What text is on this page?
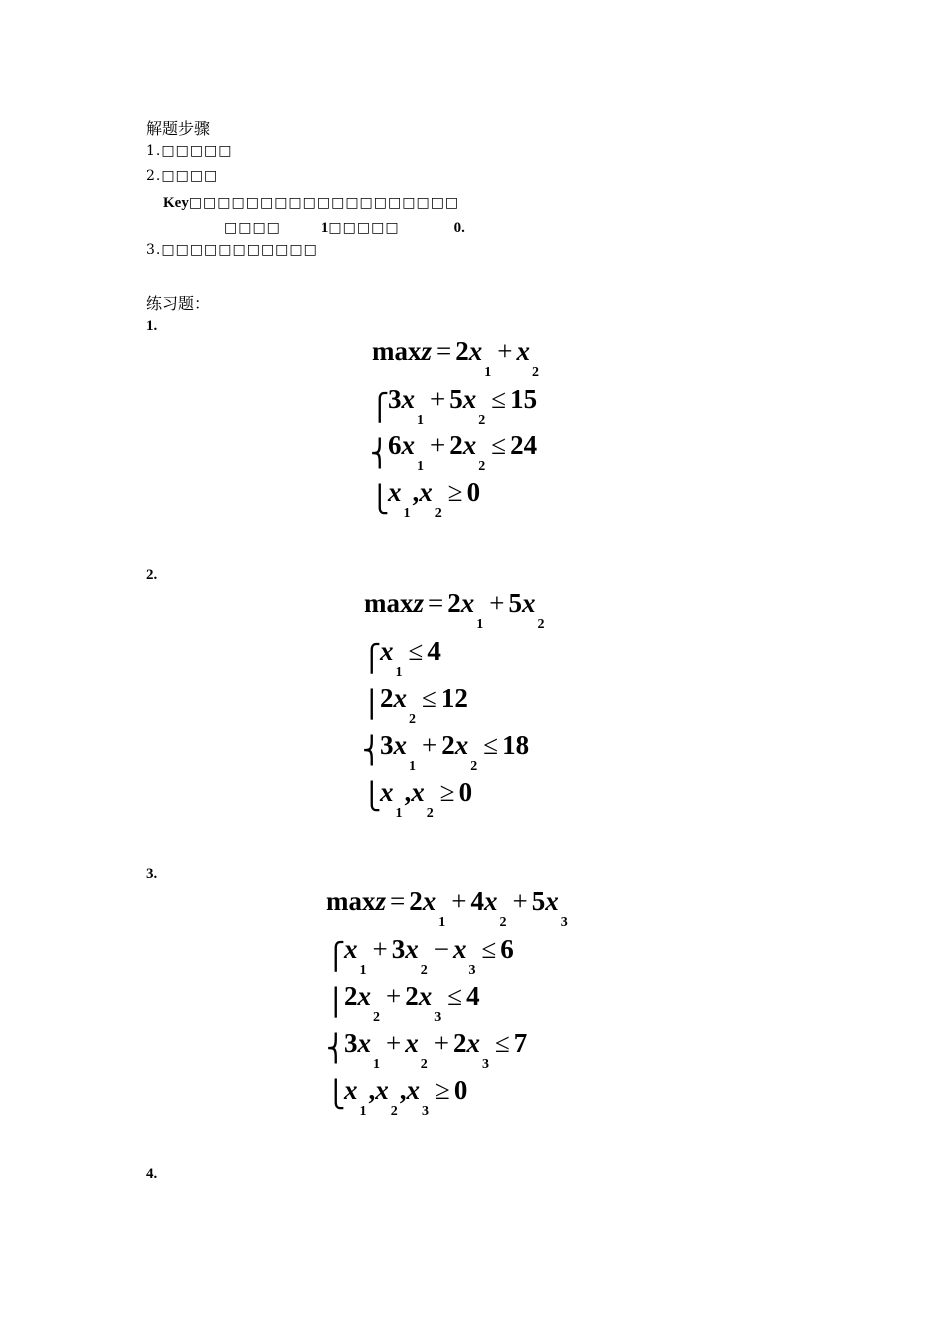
解题步骤
1.□□□□□
2.□□□□
Key□□□□□□□□□□□□□□□□□□□
□□□□	1□□□□□	0.
3.□□□□□□□□□□□
练习题：
1.
$\max z = 2x_1+ x_2$
⎧
⎨
⎩
$3x_1+ 5x_2\le 15$
$6x_1+ 2x_2\le 24$
$x_1,x_2\ge 0$
2.
$\max z = 2x_1+ 5x_2$
⎧
⎪
⎨
⎩
$x_1\le 4$
$2x_2\le 12$
$3x_1+ 2x_2\le 18$
$x_1,x_2\ge 0$
3.
$\max z = 2x_1+ 4x_2+ 5x_3$
⎧
⎪
⎨
⎩
$x_1+ 3x_2- x_3\le 6$
$2x_2+ 2x_3\le 4$
$3x_1+ x_2+ 2x_3\le 7$
$x_1,x_2,x_3\ge 0$
4.
